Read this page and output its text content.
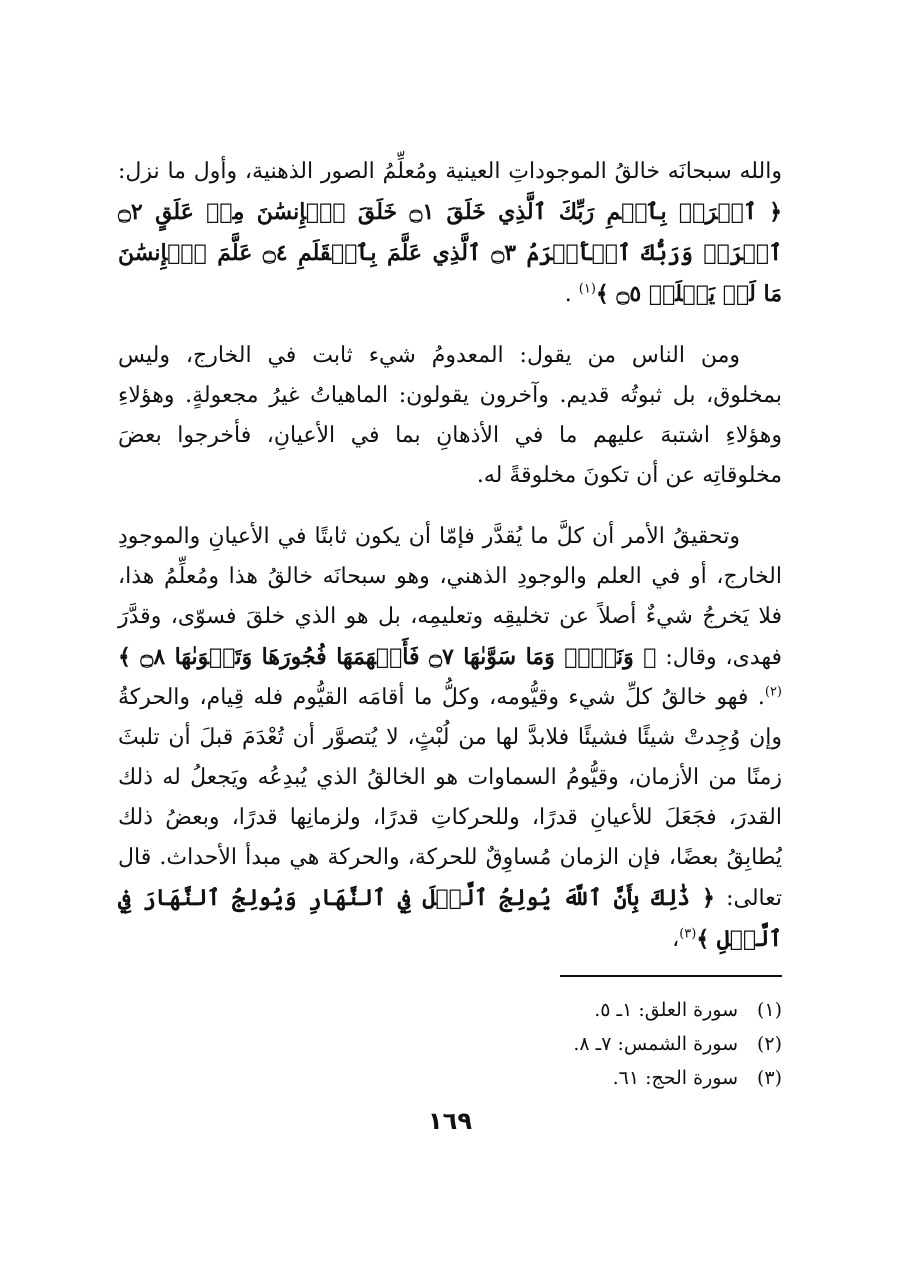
والله سبحانَه خالقُ الموجوداتِ العينية ومُعلِّمُ الصور الذهنية، وأول ما نزل: ﴿ ٱقۡرَأۡ بِٱسۡمِ رَبِّكَ ٱلَّذِي خَلَقَ ۝١ خَلَقَ ٱلۡإِنسَٰنَ مِنۡ عَلَقٍ ۝٢ ٱقۡرَأۡ وَرَبُّكَ ٱلۡأَكۡرَمُ ۝٣ ٱلَّذِي عَلَّمَ بِٱلۡقَلَمِ ۝٤ عَلَّمَ ٱلۡإِنسَٰنَ مَا لَمۡ يَعۡلَمۡ ۝٥ ﴾$^{(١)}$ .

ومن الناس من يقول: المعدومُ شيء ثابت في الخارج، وليس بمخلوق، بل ثبوتُه قديم. وآخرون يقولون: الماهياتُ غيرُ مجعولةٍ. وهؤلاءِ وهؤلاءِ اشتبهَ عليهم ما في الأذهانِ بما في الأعيانِ، فأخرجوا بعضَ مخلوقاتِه عن أن تكونَ مخلوقةً له.

وتحقيقُ الأمر أن كلَّ ما يُقدَّر فإمّا أن يكون ثابتًا في الأعيانِ والموجودِ الخارج، أو في العلم والوجودِ الذهني، وهو سبحانَه خالقُ هذا ومُعلِّمُ هذا، فلا يَخرجُ شيءٌ أصلاً عن تخليقِه وتعليمِه، بل هو الذي خلقَ فسوّى، وقدَّرَ فهدى، وقال: ﴿ وَنَفۡسٖ وَمَا سَوَّىٰهَا ۝٧ فَأَلۡهَمَهَا فُجُورَهَا وَتَقۡوَىٰهَا ۝٨ ﴾$^{(٢)}$. فهو خالقُ كلِّ شيء وقيُّومه، وكلُّ ما أقامَه القيُّوم فله قِيام، والحركةُ وإن وُجِدتْ شيئًا فشيئًا فلابدَّ لها من لُبْثٍ، لا يُتصوَّر أن تُعْدَمَ قبلَ أن تلبثَ زمنًا من الأزمان، وقيُّومُ السماوات هو الخالقُ الذي يُبدِعُه ويَجعلُ له ذلك القدرَ، فجَعَلَ للأعيانِ قدرًا، وللحركاتِ قدرًا، ولزمانِها قدرًا، وبعضُ ذلك يُطابِقُ بعضًا، فإن الزمان مُساوِقٌ للحركة، والحركة هي مبدأ الأحداث. قال تعالى: ﴿ ذَٰلِكَ بِأَنَّ ٱللَّهَ يُولِجُ ٱلَّيۡلَ فِي ٱلنَّهَارِ وَيُولِجُ ٱلنَّهَارَ فِي ٱلَّيۡلِ ﴾$^{(٣)}$،

(١)سورة العلق: ١ـ ٥.
(٢)سورة الشمس: ٧ـ ٨.
(٣)سورة الحج: ٦١.
١٦٩
